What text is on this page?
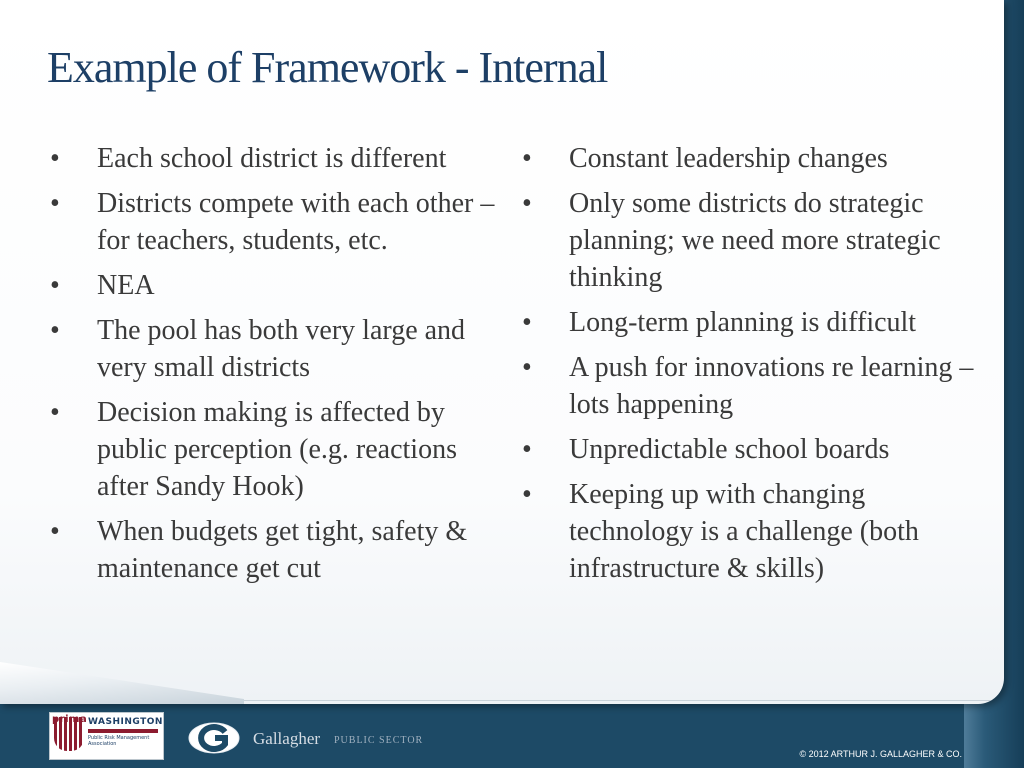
Example of Framework - Internal
• Each school district is different
• Districts compete with each other – for teachers, students, etc.
• NEA
• The pool has both very large and very small districts
• Decision making is affected by public perception (e.g. reactions after Sandy Hook)
• When budgets get tight, safety & maintenance get cut
• Constant leadership changes
• Only some districts do strategic planning; we need more strategic thinking
• Long-term planning is difficult
• A push for innovations re learning – lots happening
• Unpredictable school boards
• Keeping up with changing technology is a challenge (both infrastructure & skills)
prima WASHINGTON
Public Risk Management Association	Gallagher PUBLIC SECTOR
© 2012 ARTHUR J. GALLAGHER & CO.
